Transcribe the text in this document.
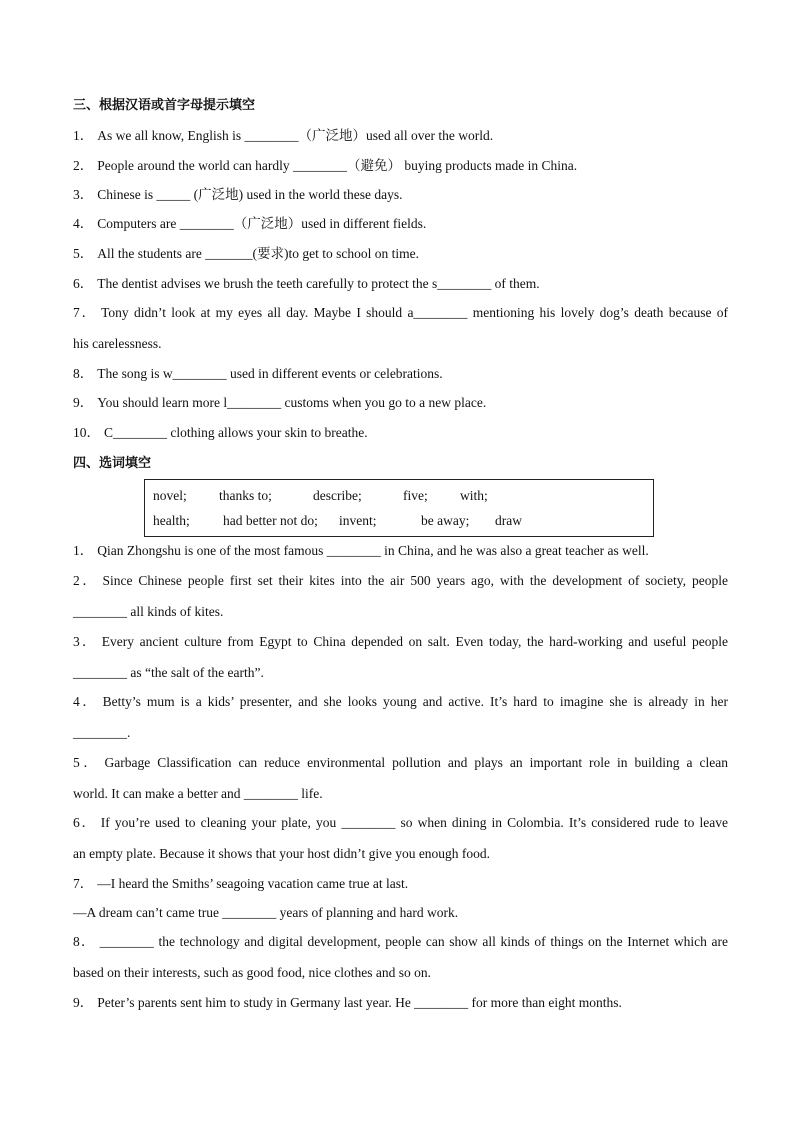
三、根据汉语或首字母提示填空
1． As we all know, English is ________（广泛地）used all over the world.
2． People around the world can hardly ________（避免） buying products made in China.
3． Chinese is _____ (广泛地) used in the world these days.
4． Computers are ________（广泛地）used in different fields.
5． All the students are _______(要求)to get to school on time.
6． The dentist advises we brush the teeth carefully to protect the s________ of them.
7． Tony didn’t look at my eyes all day. Maybe I should a________ mentioning his lovely dog’s death because of
his carelessness.
8． The song is w________ used in different events or celebrations.
9． You should learn more l________ customs when you go to a new place.
10． C________ clothing allows your skin to breathe.
四、选词填空
novel; thanks to;	describe;	five; with;
health; had better not do; invent;	be away; draw
1． Qian Zhongshu is one of the most famous ________ in China, and he was also a great teacher as well.
2． Since Chinese people first set their kites into the air 500 years ago, with the development of society, people
________ all kinds of kites.
3． Every ancient culture from Egypt to China depended on salt. Even today, the hard-working and useful people
________ as “the salt of the earth”.
4． Betty’s mum is a kids’ presenter, and she looks young and active. It’s hard to imagine she is already in her
________.
5． Garbage Classification can reduce environmental pollution and plays an important role in building a clean
world. It can make a better and ________ life.
6． If you’re used to cleaning your plate, you ________ so when dining in Colombia. It’s considered rude to leave
an empty plate. Because it shows that your host didn’t give you enough food.
7． —I heard the Smiths’ seagoing vacation came true at last.
—A dream can’t came true ________ years of planning and hard work.
8． ________ the technology and digital development, people can show all kinds of things on the Internet which are
based on their interests, such as good food, nice clothes and so on.
9． Peter’s parents sent him to study in Germany last year. He ________ for more than eight months.
